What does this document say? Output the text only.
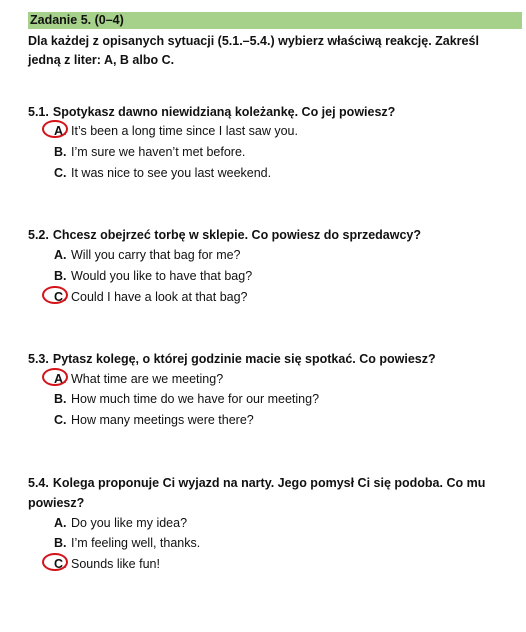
Zadanie 5. (0–4)
Dla każdej z opisanych sytuacji (5.1.–5.4.) wybierz właściwą reakcję. Zakreśl jedną z liter: A, B albo C.
5.1. Spotykasz dawno niewidzianą koleżankę. Co jej powiesz?
A. It’s been a long time since I last saw you.
B. I’m sure we haven’t met before.
C. It was nice to see you last weekend.
5.2. Chcesz obejrzeć torbę w sklepie. Co powiesz do sprzedawcy?
A. Will you carry that bag for me?
B. Would you like to have that bag?
C. Could I have a look at that bag?
5.3. Pytasz kolegę, o której godzinie macie się spotkać. Co powiesz?
A. What time are we meeting?
B. How much time do we have for our meeting?
C. How many meetings were there?
5.4. Kolega proponuje Ci wyjazd na narty. Jego pomysł Ci się podoba. Co mu powiesz?
A. Do you like my idea?
B. I’m feeling well, thanks.
C. Sounds like fun!
